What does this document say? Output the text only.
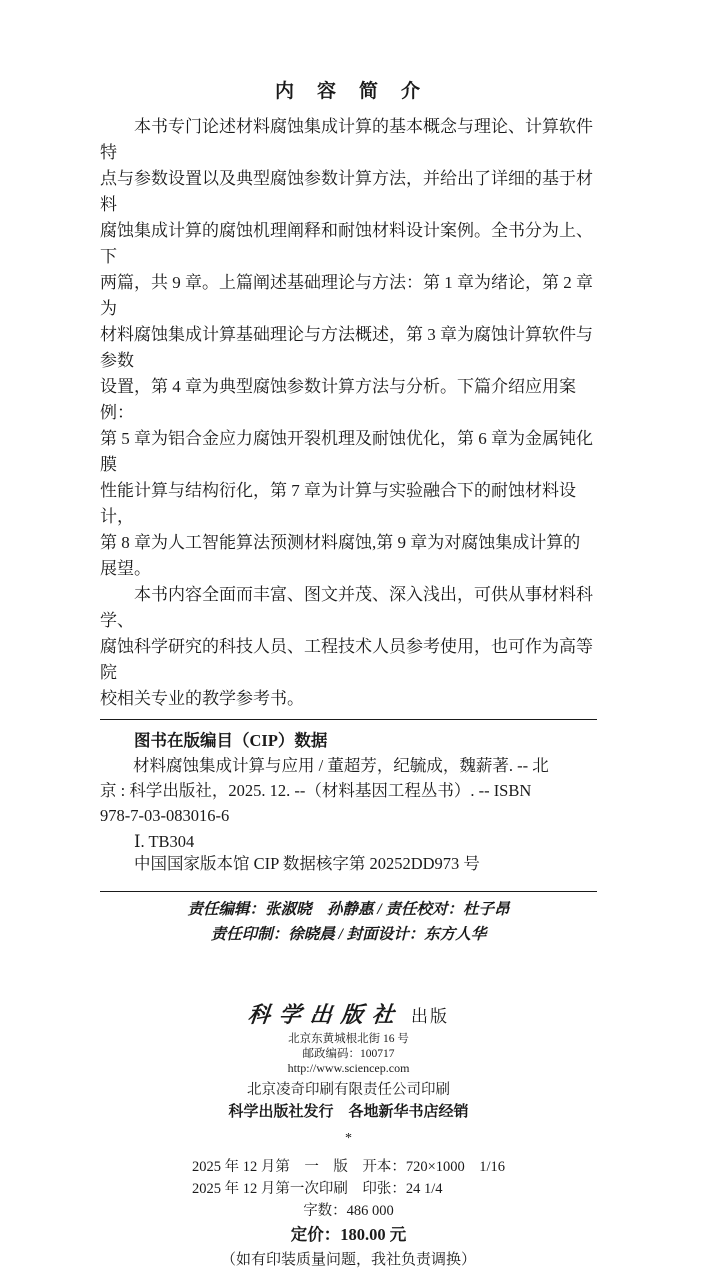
内　容　简　介
本书专门论述材料腐蚀集成计算的基本概念与理论、计算软件特
点与参数设置以及典型腐蚀参数计算方法，并给出了详细的基于材料
腐蚀集成计算的腐蚀机理阐释和耐蚀材料设计案例。全书分为上、下
两篇，共 9 章。上篇阐述基础理论与方法：第 1 章为绪论，第 2 章为
材料腐蚀集成计算基础理论与方法概述，第 3 章为腐蚀计算软件与参数
设置，第 4 章为典型腐蚀参数计算方法与分析。下篇介绍应用案例：
第 5 章为铝合金应力腐蚀开裂机理及耐蚀优化，第 6 章为金属钝化膜
性能计算与结构衍化，第 7 章为计算与实验融合下的耐蚀材料设计，
第 8 章为人工智能算法预测材料腐蚀,第 9 章为对腐蚀集成计算的展望。
本书内容全面而丰富、图文并茂、深入浅出，可供从事材料科学、
腐蚀科学研究的科技人员、工程技术人员参考使用，也可作为高等院
校相关专业的教学参考书。
图书在版编目（CIP）数据
材料腐蚀集成计算与应用 / 董超芳，纪毓成，魏薪著. -- 北
京 : 科学出版社，2025. 12. --（材料基因工程丛书）. -- ISBN
978-7-03-083016-6
Ⅰ. TB304
中国国家版本馆 CIP 数据核字第 20252DD973 号
责任编辑：张淑晓　孙静惠 / 责任校对：杜子昂
责任印制：徐晓晨 / 封面设计：东方人华
科学出版社 出版
北京东黄城根北街 16 号
邮政编码：100717
http://www.sciencep.com
北京凌奇印刷有限责任公司印刷
科学出版社发行　各地新华书店经销
*
2025 年 12 月第　一　版　开本：720×1000　1/16
2025 年 12 月第一次印刷　印张：24 1/4
字数：486 000
定价：180.00 元
（如有印装质量问题，我社负责调换）
